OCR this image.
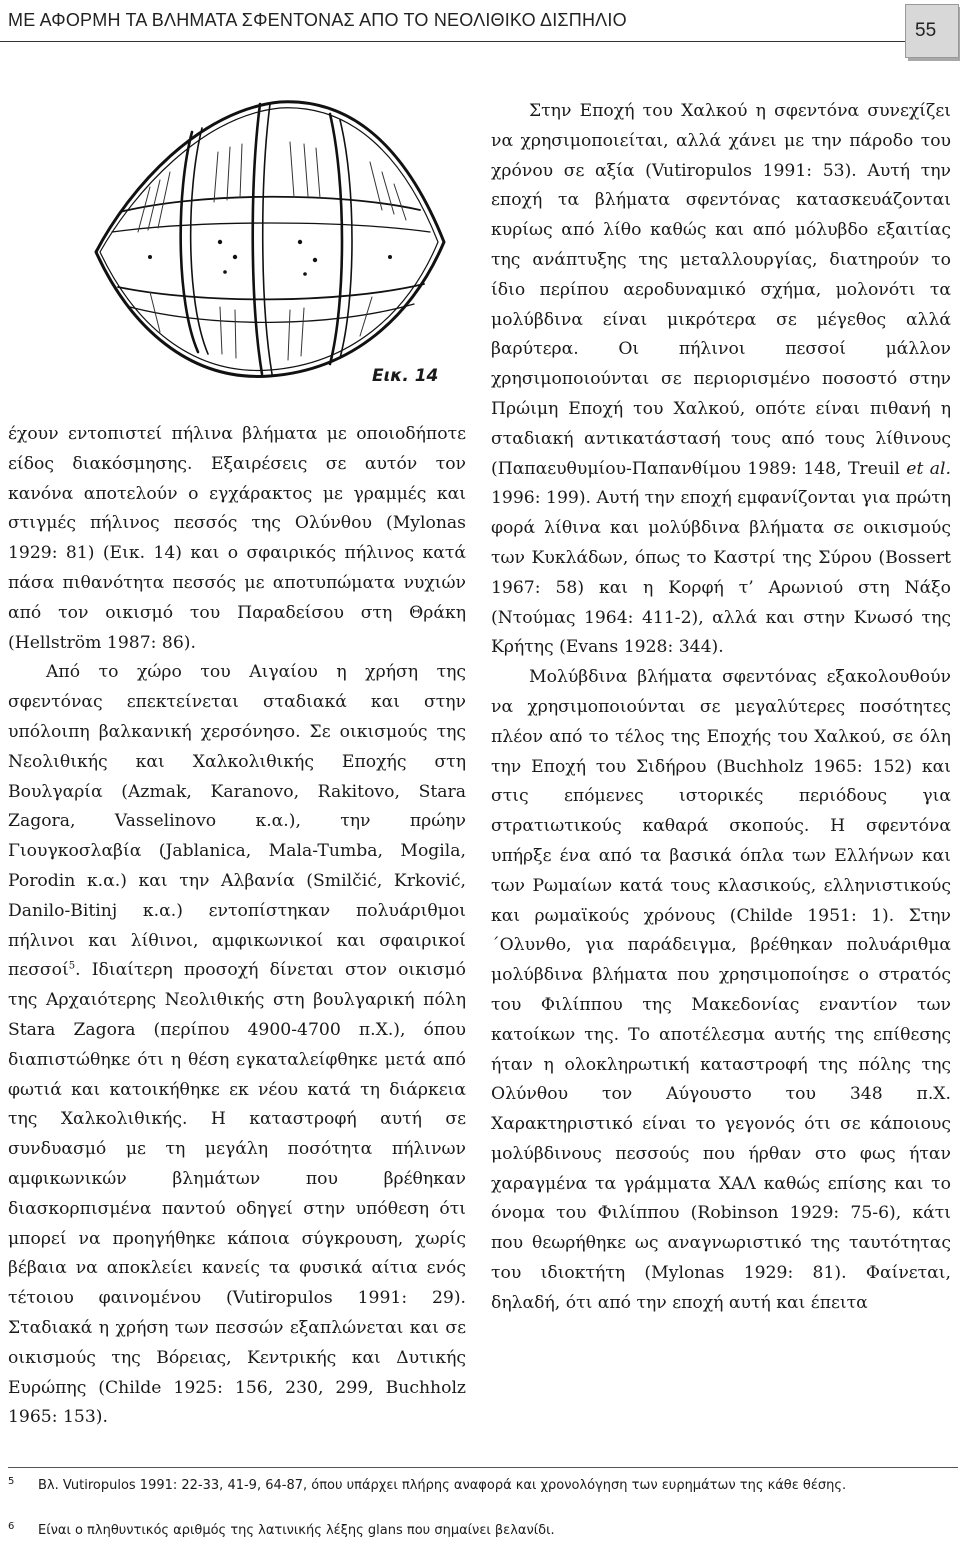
ΜΕ ΑΦΟΡΜΗ ΤΑ ΒΛΗΜΑΤΑ ΣΦΕΝΤΟΝΑΣ ΑΠΟ ΤΟ ΝΕΟΛΙΘΙΚΟ ΔΙΣΠΗΛΙΟ	55
Εικ. 14

έχουν εντοπιστεί πήλινα βλήματα με οποιοδήποτε είδος διακόσμησης. Εξαιρέσεις σε αυτόν τον κανόνα αποτελούν ο εγχάρακτος με γραμμές και στιγμές πήλινος πεσσός της Ολύνθου (Mylonas 1929: 81) (Εικ. 14) και ο σφαιρικός πήλινος κατά πάσα πιθανότητα πεσσός με αποτυπώματα νυχιών από τον οικισμό του Παραδείσου στη Θράκη (Hellström 1987: 86).

Από το χώρο του Αιγαίου η χρήση της σφεντόνας επεκτείνεται σταδιακά και στην υπόλοιπη βαλκανική χερσόνησο. Σε οικισμούς της Νεολιθικής και Χαλκολιθικής Εποχής στη Βουλγαρία (Azmak, Karanovo, Rakitovo, Stara Zagora, Vasselinovo κ.α.), την πρώην Γιουγκοσλαβία (Jablanica, Mala-Tumba, Mogila, Porodin κ.α.) και την Αλβανία (Smilčić, Krković, Danilo-Bitinj κ.α.) εντοπίστηκαν πολυάριθμοι πήλινοι και λίθινοι, αμφικωνικοί και σφαιρικοί πεσσοί$^5$. Ιδιαίτερη προσοχή δίνεται στον οικισμό της Αρχαιότερης Νεολιθικής στη βουλγαρική πόλη Stara Zagora (περίπου 4900-4700 π.Χ.), όπου διαπιστώθηκε ότι η θέση εγκαταλείφθηκε μετά από φωτιά και κατοικήθηκε εκ νέου κατά τη διάρκεια της Χαλκολιθικής. Η καταστροφή αυτή σε συνδυασμό με τη μεγάλη ποσότητα πήλινων αμφικωνικών βλημάτων που βρέθηκαν διασκορπισμένα παντού οδηγεί στην υπόθεση ότι μπορεί να προηγήθηκε κάποια σύγκρουση, χωρίς βέβαια να αποκλείει κανείς τα φυσικά αίτια ενός τέτοιου φαινομένου (Vutiropulos 1991: 29). Σταδιακά η χρήση των πεσσών εξαπλώνεται και σε οικισμούς της Βόρειας, Κεντρικής και Δυτικής Ευρώπης (Childe 1925: 156, 230, 299, Buchholz 1965: 153).

Στην Εποχή του Χαλκού η σφεντόνα συνεχίζει να χρησιμοποιείται, αλλά χάνει με την πάροδο του χρόνου σε αξία (Vutiropulos 1991: 53). Αυτή την εποχή τα βλήματα σφεντόνας κατασκευάζονται κυρίως από λίθο καθώς και από μόλυβδο εξαιτίας της ανάπτυξης της μεταλλουργίας, διατηρούν το ίδιο περίπου αεροδυναμικό σχήμα, μολονότι τα μολύβδινα είναι μικρότερα σε μέγεθος αλλά βαρύτερα. Οι πήλινοι πεσσοί μάλλον χρησιμοποιούνται σε περιορισμένο ποσοστό στην Πρώιμη Εποχή του Χαλκού, οπότε είναι πιθανή η σταδιακή αντικατάστασή τους από τους λίθινους (Παπαευθυμίου-Παπανθίμου 1989: 148, Treuil et al. 1996: 199). Αυτή την εποχή εμφανίζονται για πρώτη φορά λίθινα και μολύβδινα βλήματα σε οικισμούς των Κυκλάδων, όπως το Καστρί της Σύρου (Bossert 1967: 58) και η Κορφή τ’ Αρωνιού στη Νάξο (Ντούμας 1964: 411-2), αλλά και στην Κνωσό της Κρήτης (Evans 1928: 344).

Μολύβδινα βλήματα σφεντόνας εξακολουθούν να χρησιμοποιούνται σε μεγαλύτερες ποσότητες πλέον από το τέλος της Εποχής του Χαλκού, σε όλη την Εποχή του Σιδήρου (Buchholz 1965: 152) και στις επόμενες ιστορικές περιόδους για στρατιωτικούς καθαρά σκοπούς. Η σφεντόνα υπήρξε ένα από τα βασικά όπλα των Ελλήνων και των Ρωμαίων κατά τους κλασικούς, ελληνιστικούς και ρωμαϊκούς χρόνους (Childe 1951: 1). Στην ΄Ολυνθο, για παράδειγμα, βρέθηκαν πολυάριθμα μολύβδινα βλήματα που χρησιμοποίησε ο στρατός του Φιλίππου της Μακεδονίας εναντίον των κατοίκων της. Το αποτέλεσμα αυτής της επίθεσης ήταν η ολοκληρωτική καταστροφή της πόλης της Ολύνθου τον Αύγουστο του 348 π.Χ. Χαρακτηριστικό είναι το γεγονός ότι σε κάποιους μολύβδινους πεσσούς που ήρθαν στο φως ήταν χαραγμένα τα γράμματα ΧΑΛ καθώς επίσης και το όνομα του Φιλίππου (Robinson 1929: 75-6), κάτι που θεωρήθηκε ως αναγνωριστικό της ταυτότητας του ιδιοκτήτη (Mylonas 1929: 81). Φαίνεται, δηλαδή, ότι από την εποχή αυτή και έπειτα

5	Βλ. Vutiropulos 1991: 22-33, 41-9, 64-87, όπου υπάρχει πλήρης αναφορά και χρονολόγηση των ευρημάτων της κάθε θέσης.
6	Είναι ο πληθυντικός αριθμός της λατινικής λέξης glans που σημαίνει βελανίδι.
